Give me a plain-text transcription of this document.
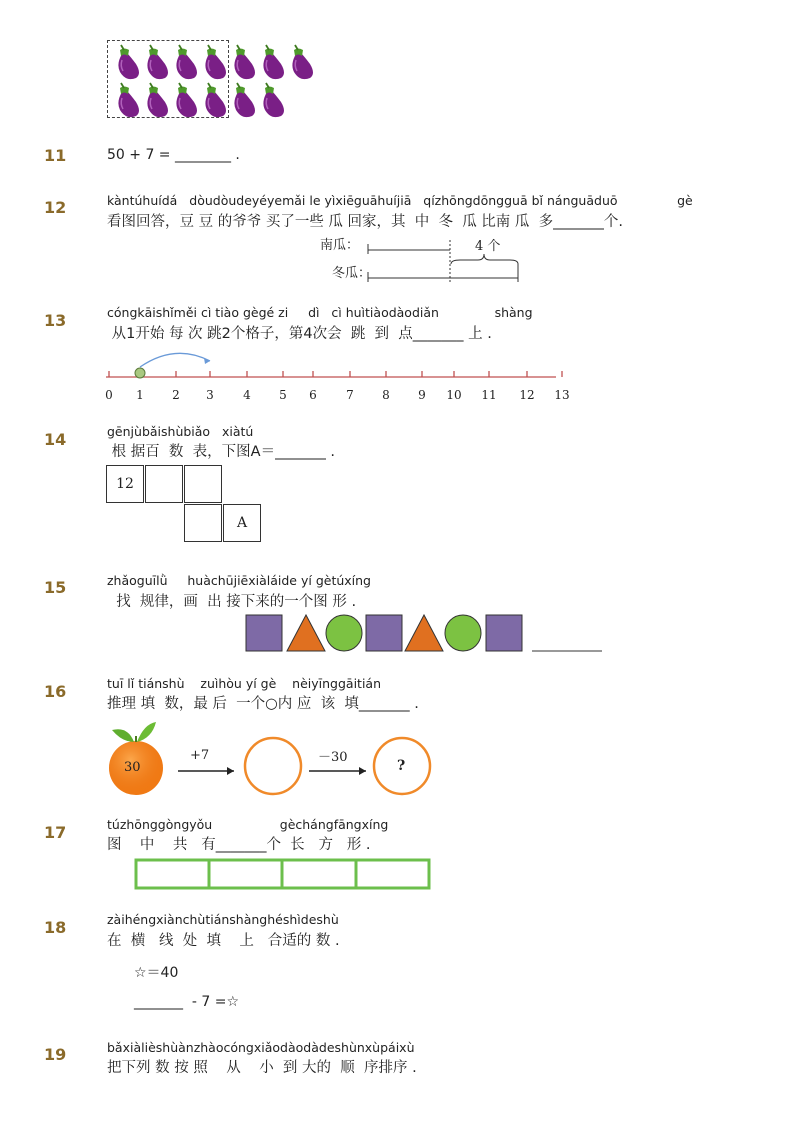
11	50 + 7 = ________ .
12	kàntúhuídá   dòudòudeyéyemǎi le yìxiēguāhuíjiā   qízhōngdōngguā bǐ nánguāduō               gè
看图回答，豆 豆 的爷爷 买了一些 瓜 回家，其  中  冬  瓜 比南 瓜  多_______个.
南瓜：
冬瓜：
4 个
13	cóngkāishǐměi cì tiào gègé zi     dì   cì huìtiàodàodiǎn              shàng
从1开始 每 次 跳2个格子，第4次会  跳  到  点_______ 上 .
0 1 2 3 4 5 6 7 8 9 10 11 12 13
14	gēnjùbǎishùbiǎo   xiàtú
根 据百  数  表，下图A＝_______ .
12
A
15	zhǎoguīlǜ     huàchūjiēxiàláide yí gètúxíng
找  规律，画  出 接下来的一个图 形 .
16	tuī lǐ tiánshù    zuìhòu yí gè    nèiyīnggāitián
推理 填  数，最 后  一个○内 应  该  填_______ .
30
+7	－30
?
17	túzhōnggòngyǒu                 gèchángfāngxíng
图    中    共   有_______个  长   方   形 .
18	zàihéngxiànchùtiánshànghéshìdeshù
在  横   线  处  填    上   合适的 数 .
☆＝40
_______  - 7 =☆
19	bǎxiàlièshùànzhàocóngxiǎodàodàdeshùnxùpáixù
把下列 数 按 照    从    小  到 大的  顺  序排序 .
